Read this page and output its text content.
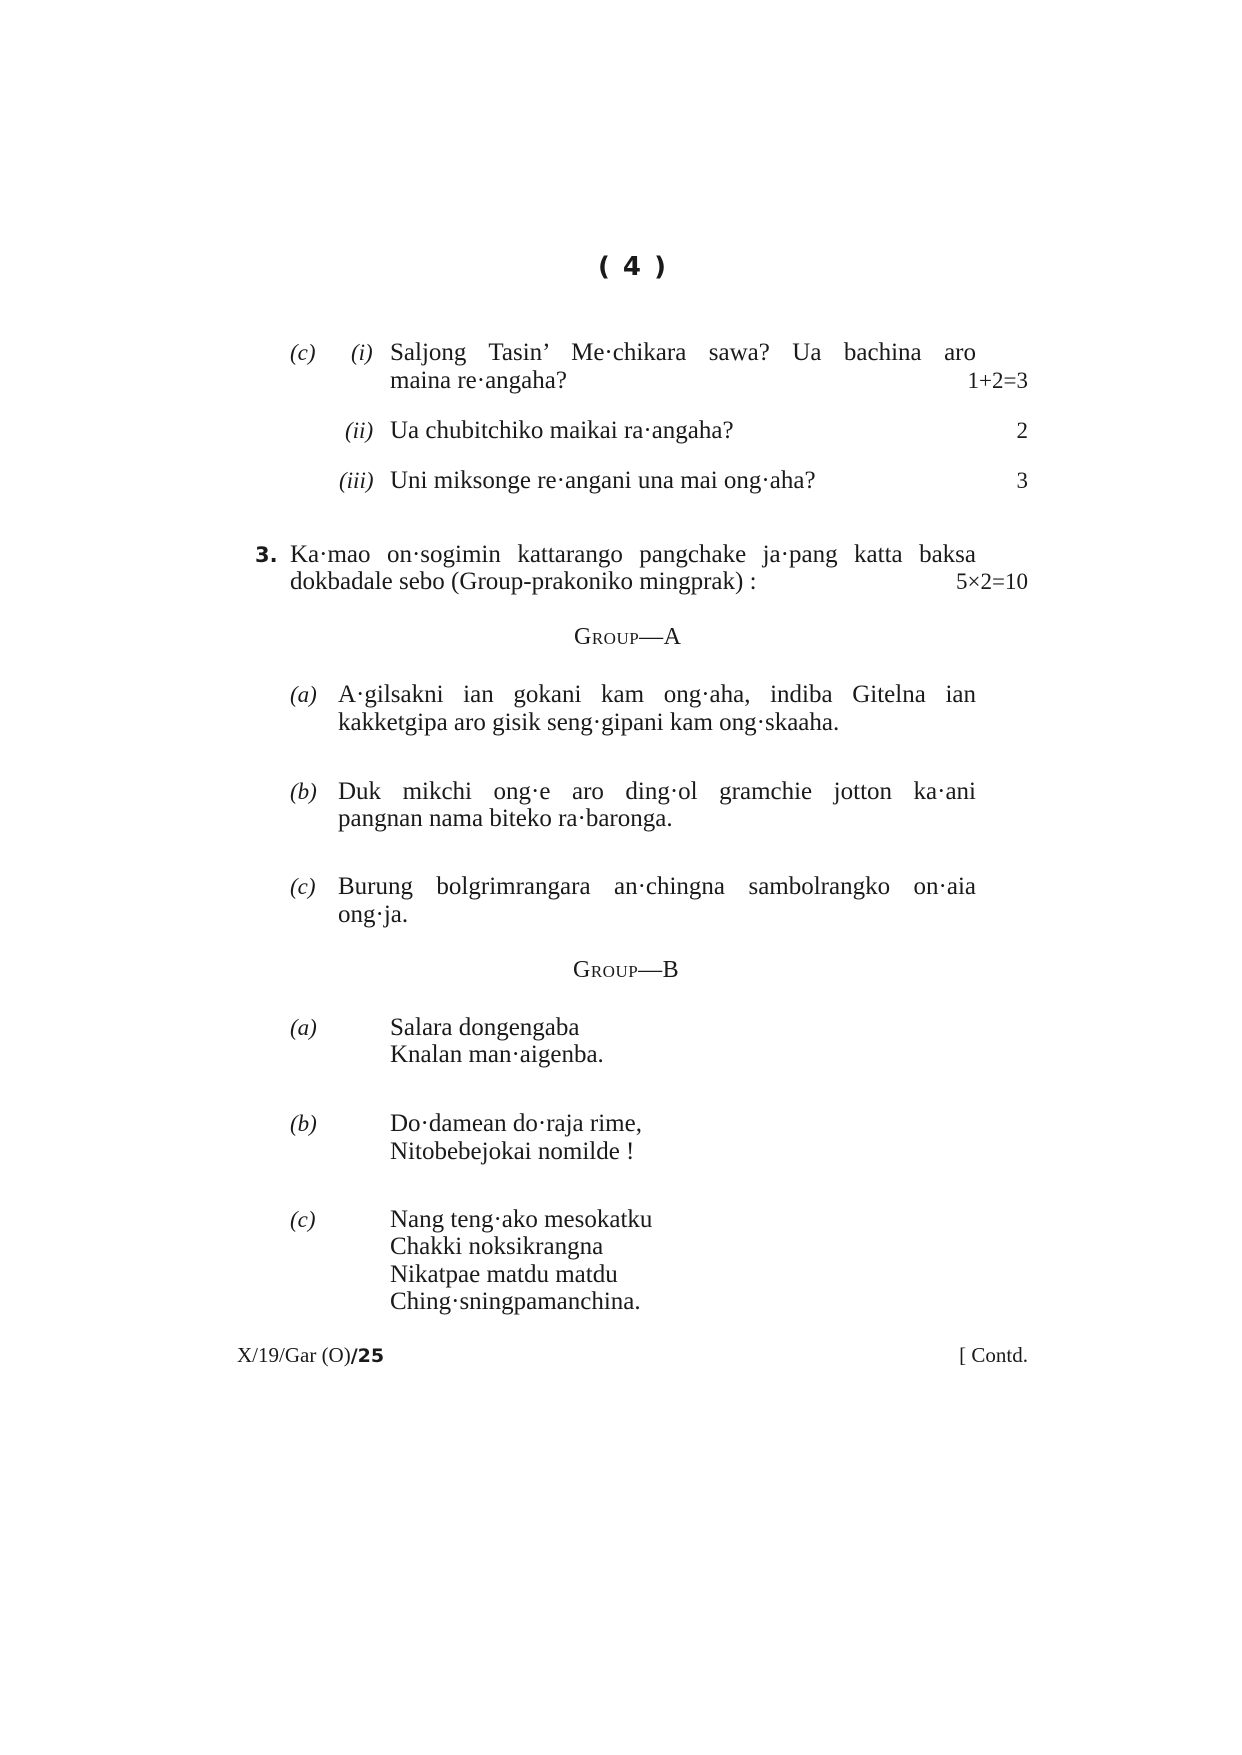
( 4 )
(c) (i) Saljong Tasin’ Me·chikara sawa? Ua bachina aro
maina re·angaha?	1+2=3
(ii) Ua chubitchiko maikai ra·angaha?	2
(iii) Uni miksonge re·angani una mai ong·aha?	3
3. Ka·mao on·sogimin kattarango pangchake ja·pang katta baksa
dokbadale sebo (Group-prakoniko mingprak) :	5×2=10
Group—A
(a) A·gilsakni ian gokani kam ong·aha, indiba Gitelna ian
kakketgipa aro gisik seng·gipani kam ong·skaaha.
(b) Duk mikchi ong·e aro ding·ol gramchie jotton ka·ani
pangnan nama biteko ra·baronga.
(c) Burung bolgrimrangara an·chingna sambolrangko on·aia
ong·ja.
Group—B
(a)	Salara dongengaba
Knalan man·aigenba.
(b)	Do·damean do·raja rime,
Nitobebejokai nomilde !
(c)	Nang teng·ako mesokatku
Chakki noksikrangna
Nikatpae matdu matdu
Ching·sningpamanchina.
X/19/Gar (O)/25	[ Contd.
